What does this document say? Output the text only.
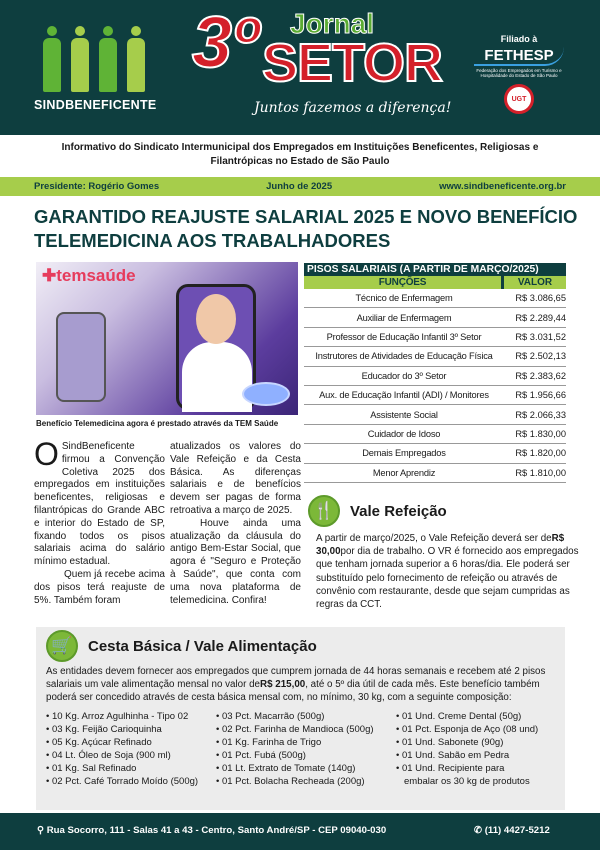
SINDBENEFICENTE
3º Jornal
SETOR
Juntos fazemos a diferença!
Filiado à
FETHESP
Federação dos Empregados em Turismo e Hospitalidade do Estado de São Paulo
UGT
Informativo do Sindicato Intermunicipal dos Empregados em Instituições Beneficentes, Religiosas e Filantrópicas no Estado de São Paulo
Presidente: Rogério Gomes	Junho de 2025	www.sindbeneficente.org.br
GARANTIDO REAJUSTE SALARIAL 2025 E NOVO BENEFÍCIO TELEMEDICINA AOS TRABALHADORES
✚temsaúde
Benefício Telemedicina agora é prestado através da TEM Saúde

O SindBeneficente firmou a Convenção Coletiva 2025 dos empregados em instituições beneficentes, religiosas e filantrópicas do Grande ABC e interior do Estado de SP, fixando todos os pisos salariais acima do salário mínimo estadual.

Quem já recebe acima dos pisos terá reajuste de 5%. Também foram

atualizados os valores do Vale Refeição e da Cesta Básica. As diferenças salariais e de benefícios devem ser pagas de forma retroativa a março de 2025.

Houve ainda uma atualização da cláusula do antigo Bem-Estar Social, que agora é "Seguro e Proteção à Saúde", que conta com uma nova plataforma de telemedicina. Confira!

PISOS SALARIAIS (A PARTIR DE MARÇO/2025)
FUNÇÕES	VALOR
Técnico de Enfermagem	R$ 3.086,65
Auxiliar de Enfermagem	R$ 2.289,44
Professor de Educação Infantil 3º Setor	R$ 3.031,52
Instrutores de Atividades de Educação Física	R$ 2.502,13
Educador do 3º Setor	R$ 2.383,62
Aux. de Educação Infantil (ADI) / Monitores	R$ 1.956,66
Assistente Social	R$ 2.066,33
Cuidador de Idoso	R$ 1.830,00
Demais Empregados	R$ 1.820,00
Menor Aprendiz	R$ 1.810,00
🍴	Vale Refeição

A partir de março/2025, o Vale Refeição deverá ser deR$ 30,00por dia de trabalho. O VR é fornecido aos empregados que tenham jornada superior a 6 horas/dia. Ele poderá ser substituído pelo fornecimento de refeição ou através de convênio com restaurante, desde que sejam cumpridas as regras da CCT.

🛒	Cesta Básica / Vale Alimentação

As entidades devem fornecer aos empregados que cumprem jornada de 44 horas semanais e recebem até 2 pisos salariais um vale alimentação mensal no valor deR$ 215,00, até o 5º dia útil de cada mês. Este benefício também poderá ser concedido através de cesta básica mensal com, no mínimo, 30 kg, com a seguinte composição:

• 10 Kg. Arroz Agulhinha - Tipo 02
• 03 Kg. Feijão Carioquinha
• 05 Kg. Açúcar Refinado
• 04 Lt. Óleo de Soja (900 ml)
• 01 Kg. Sal Refinado
• 02 Pct. Café Torrado Moído (500g)
• 03 Pct. Macarrão (500g)
• 02 Pct. Farinha de Mandioca (500g)
• 01 Kg. Farinha de Trigo
• 01 Pct. Fubá (500g)
• 01 Lt. Extrato de Tomate (140g)
• 01 Pct. Bolacha Recheada (200g)
• 01 Und. Creme Dental (50g)
• 01 Pct. Esponja de Aço (08 und)
• 01 Und. Sabonete (90g)
• 01 Und. Sabão em Pedra
• 01 Und. Recipiente para
embalar os 30 kg de produtos
⚲ Rua Socorro, 111 - Salas 41 a 43 - Centro, Santo André/SP - CEP 09040-030	✆ (11) 4427-5212
